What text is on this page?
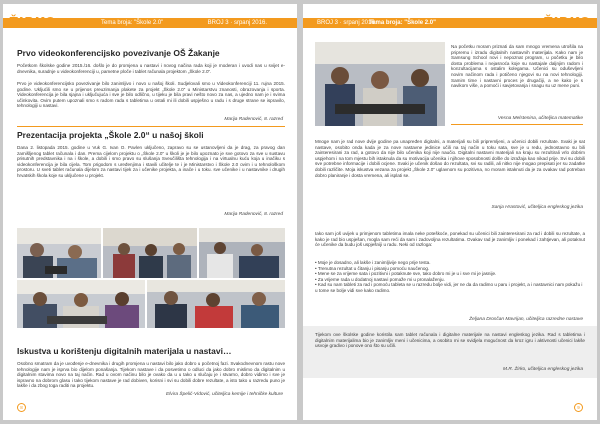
Tema broja: "Škole 2.0"	BROJ 3 · srpanj 2016.
ŽIRKO
Prvo videokonferencijsko povezivanje OŠ Žakanje
Početkom školske godine 2015./16. došlo je do promjena u nastavi i novog načina rada koji je moderan i uvodi nas u svijet e-dnevnika, suradnje u videokonferenciji u, pametne ploče i tablet računala projektom „Škole 2.0“.
Prvo je videokonferencijsko povezivanje bilo zanimljivo i novo u našoj školi. Sudjelovali smo u Videokonferenciji 11. rujna 2015. godine. Ukljućili smo se u prijenos preuzimanja plakete za projekt „Škole 2.0“ u Ministarstvu znanosti, obrazovanja i sporta. Videokonferencija je bila sjajna i uključujuća i sve je bilo odlično, u tijeku je bila pravi nešto novo za nas, a ujedno nam je i svima učinkovita. Ovim putem upoznali smo s radom rada s tabletima u ostali mi ili dobili uspješno u radu i s druge strane se ispravilo, tehnologiji u nastavi.
Marija Radenović, 8. razred
Prezentacija projekta „Škole 2.0“ u našoj školi
Dana 2. listopada 2015. godine u Vuk G. Ivan O. Pavlen uključeno, zapravo su se ustanovljeni da je drag, za pravog dan zamišljenog tablet računala i dan. Prema cijelom projektu o „Škole 2.0“ u školi je je bilo upoznato je sve gotovo za sve u sustavu prisutnih predstavnika i na i škole, a dobili i smo pravo su slušanja Sveučilišta tehnologija i na virtualnu kuću koja u inačiku s videokonferencija je bila cijela. Tom prigodom s uređenjima i stavili učitelje te i je Ministarstvo i Škole 2.0 ovim i u tehnološkom prostoru. U sveti tablet računala dijelom za nastavi tijek za i učenike projekta, a inače i u toku. sve učenike i u nastavnike i drugih hrvatskih škola koje su uključene u projekt.
Marija Radenović, 8. razred
Iskustva u korištenju digitalnih materijala u nastavi…
Osobno smatram da je uvođenje e-dnevnika i drugih promjena u nastavi bilo jako dobro u početnoj fazi. Svakodnevnom rastu nove tehnologije nam je isprva bio dijelom ponašanja. Tijekom nastave i da posvetimo o odluci da jako dobro mislimo da digitalnim u digitalnim stavima novo na taj način. Rad u ovom načinu bilo je ovako da u u tako u slučaju je i stvarno, dobro vidimo i sve je ispravno na dobrom glasu i tako tijekom nastave je rad dobiven, korisni i svi su dobili dobre rezultate, a isto tako u razredu puno je lakše i da zbog toga raditi na projektu.
Elvira Špelić-Vidović, učiteljica kemije i tehničke kulture
8
BROJ 3 · srpanj 2016.
Tema broja: "Škole 2.0"	ŽIRKO
Na početku moram priznati da sam mnogo vremena utrošila na pripremu i izradu digitalnih nastavnih materijala. Kako nam je Samsung School novi i nepoznat program, u početku je bilo dosta problema i nejasnoća koje su nastajale daljnjim radom i konzultacijama s ostalim kolegama. Učenici su oduševljeni novim načinom rada i potičeno njegovi su na novi tehnologiji. Samim time i nastavni proces je drugačiji, a ne kako je s navikom više, a pomoći i savjetovanja i snagu su uz mene puni.
Vesna Melstenina, učiteljica matematike
Mnoge nam je rad nove dvije godine pa unapređen digitalni, a materijali su bili pripremljeni, a učenici dobili rezultate. Svaki je sat nastave, osobito onda kada je za nove nastavne jedinice učili na taj način u toku sata, sve je u redu, jednostavno su bili zainteresirani za rad, a gotovo da nije bilo učenika koji nije naučio. Digitalni nastavni materijali na kraju su rezultirali vrlo dobrim uspjehom i na tom mjestu bih istaknula da su motivacija učenika i njihove sposobnosti došle do izražaja kao nikad prije. Svi su dobili sve potrebne informacije i dobili ocjene. Svaki je učenik došao do rezultata, svi su radili, ali nitko nije mogao prepisati jer su zadatke dobili različite. Moja iskustva vezana za projekt „Škole 2.0“ uglavnom su pozitivna, no moram istaknuti da je za ovakav rad potreban dobro planiranje i dosta vremena, ali isplati se.
Sanja Hrastović, učiteljica engleskog jezika
Iako sam još uvijek u primjenom tabletima imala neke poteškoće, ponekad su učenici bili zainteresirani za rad i dobili su rezultate, a kako je rad bio uspješan, mogla sam reći da sam i zadovoljna rezultatima. Ovakav rad je zanimljiv i ponekad i zahtjevan, ali potaknut će učenike da budu još uspješniji u radu. Neki od razloga:
• Moje je dosadno, ali lakše i zanimljivije nego prije testa.
• Trenutna rezultat u čitanju i pisanju pomoću naučenog.
• Mene se za vrijeme sata i pozitivni i potaknute sve, tako dobro mi je u i sve mi je jasnije.
• Za vrijeme rada u dodatnoj nastavi pomaže mi u pronalaženju.
• Kad su nam tableti za rad i pomoću tableta se u razredu bolje vidi, jer ne da da radimo u paru i projekt, a i nastavnici nam pokažu i u tome se bolje vidi sve kako radimo.
Željana Drosčan Mavrijan, učiteljica razredne nastave
Tijekom ove školske godine koristila sam tablet računala i digitalne materijale na nastavi engleskog jezika. Rad s tabletima i digitalnim materijalima bio je zanimljiv meni i učenicima, a osobito mi se svidjela mogućnost da kroz igru i aktivnosti učenici lakše usvoje gradivo i ponove ono što su učili.
M.R. Žirko, učiteljica engleskog jezika
9
